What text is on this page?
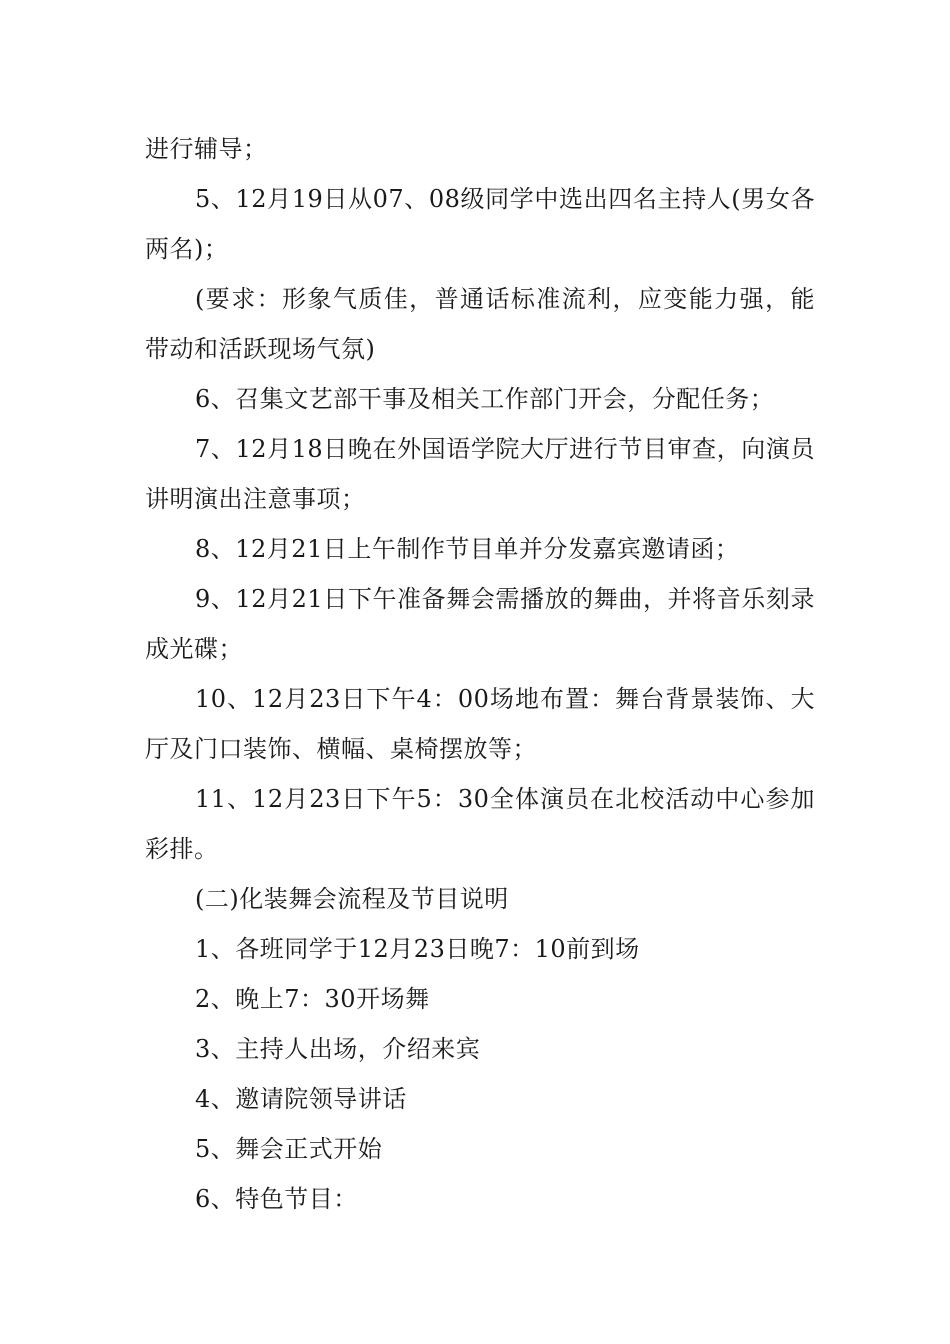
进行辅导；

5、12月19日从07、08级同学中选出四名主持人(男女各两名)；

(要求：形象气质佳，普通话标准流利，应变能力强，能带动和活跃现场气氛)

6、召集文艺部干事及相关工作部门开会，分配任务；

7、12月18日晚在外国语学院大厅进行节目审查，向演员讲明演出注意事项；

8、12月21日上午制作节目单并分发嘉宾邀请函；

9、12月21日下午准备舞会需播放的舞曲，并将音乐刻录成光碟；

10、12月23日下午4：00场地布置：舞台背景装饰、大厅及门口装饰、横幅、桌椅摆放等；

11、12月23日下午5：30全体演员在北校活动中心参加彩排。

(二)化装舞会流程及节目说明

1、各班同学于12月23日晚7：10前到场

2、晚上7：30开场舞

3、主持人出场，介绍来宾

4、邀请院领导讲话

5、舞会正式开始

6、特色节目：
